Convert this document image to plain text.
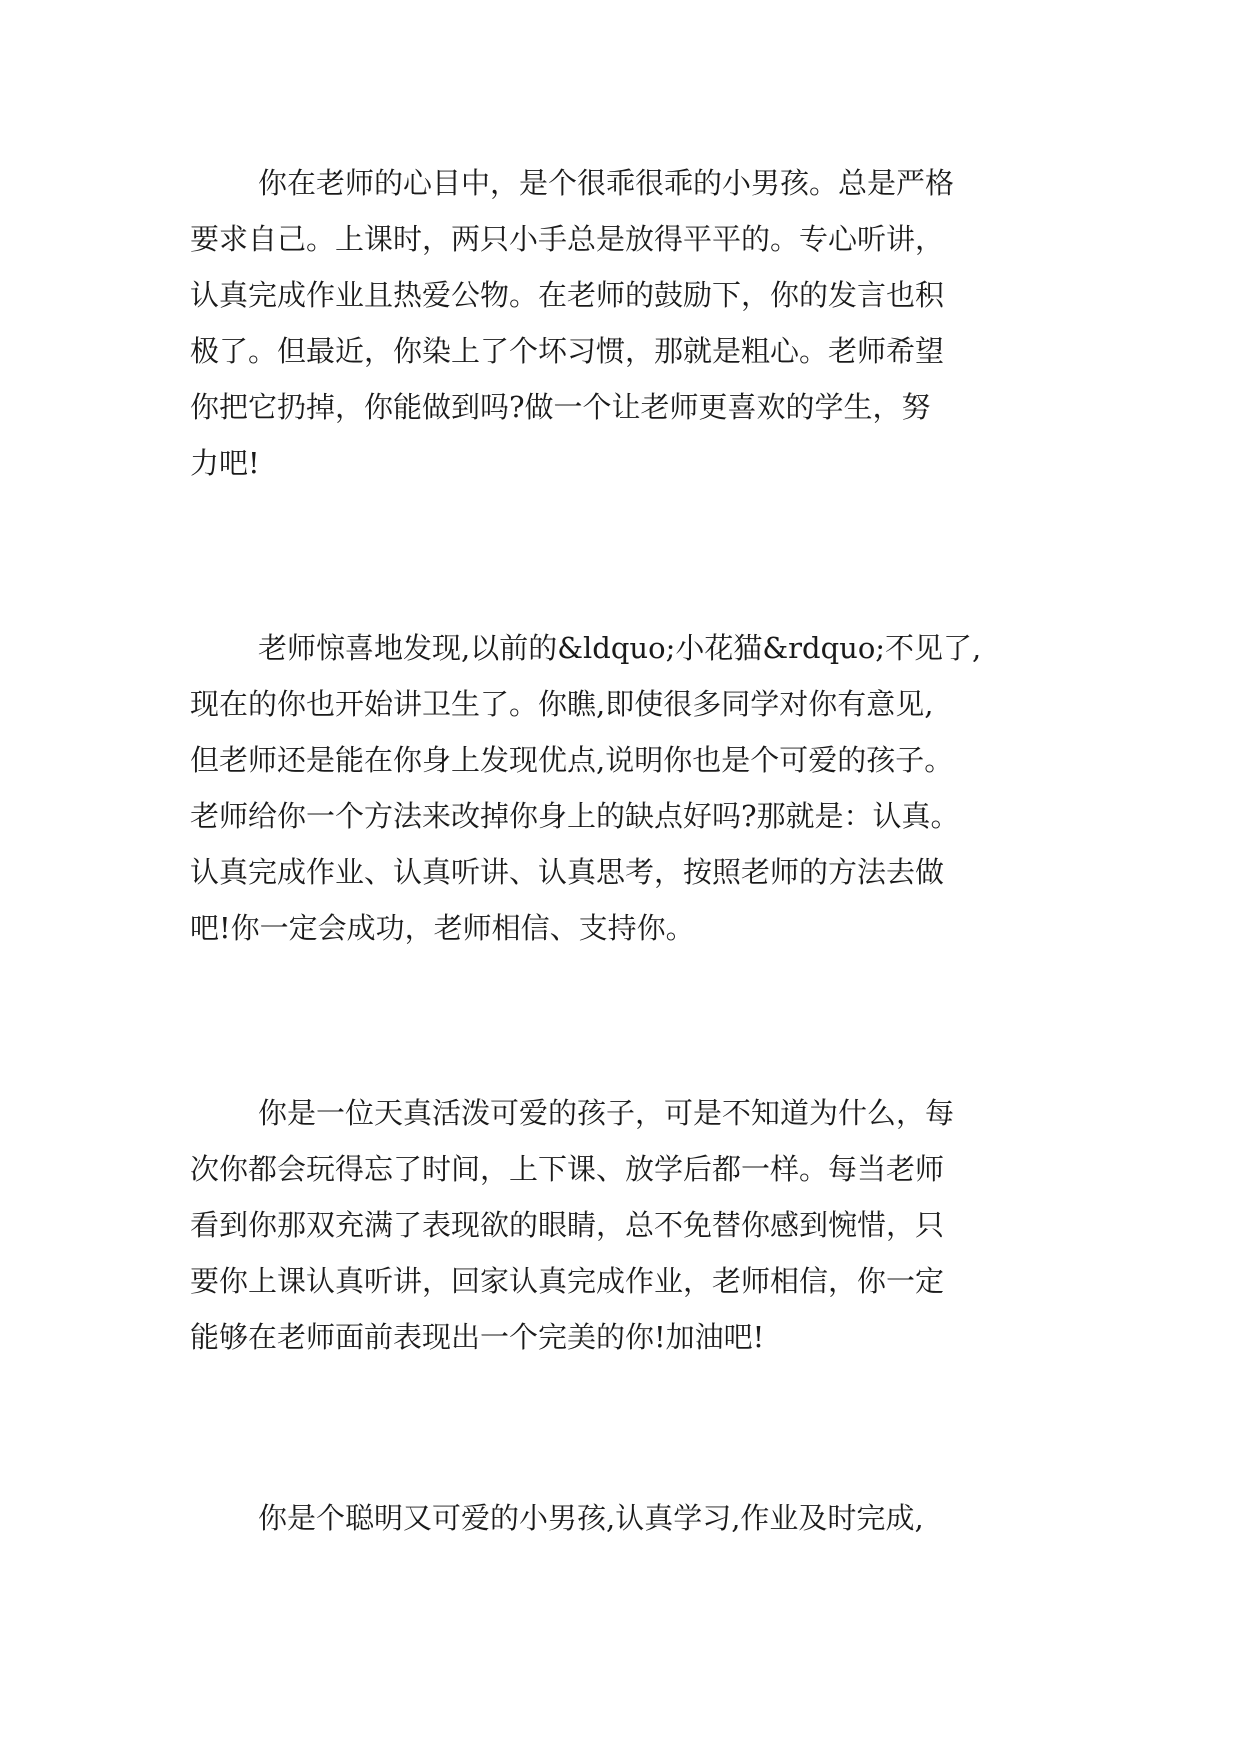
你在老师的心目中，是个很乖很乖的小男孩。总是严格
要求自己。上课时，两只小手总是放得平平的。专心听讲，
认真完成作业且热爱公物。在老师的鼓励下，你的发言也积
极了。但最近，你染上了个坏习惯，那就是粗心。老师希望
你把它扔掉，你能做到吗?做一个让老师更喜欢的学生，努
力吧!
老师惊喜地发现,以前的&ldquo;小花猫&rdquo;不见了,
现在的你也开始讲卫生了。你瞧,即使很多同学对你有意见,
但老师还是能在你身上发现优点,说明你也是个可爱的孩子。
老师给你一个方法来改掉你身上的缺点好吗?那就是：认真。
认真完成作业、认真听讲、认真思考，按照老师的方法去做
吧!你一定会成功，老师相信、支持你。
你是一位天真活泼可爱的孩子，可是不知道为什么，每
次你都会玩得忘了时间，上下课、放学后都一样。每当老师
看到你那双充满了表现欲的眼睛，总不免替你感到惋惜，只
要你上课认真听讲，回家认真完成作业，老师相信，你一定
能够在老师面前表现出一个完美的你!加油吧!
你是个聪明又可爱的小男孩,认真学习,作业及时完成,
